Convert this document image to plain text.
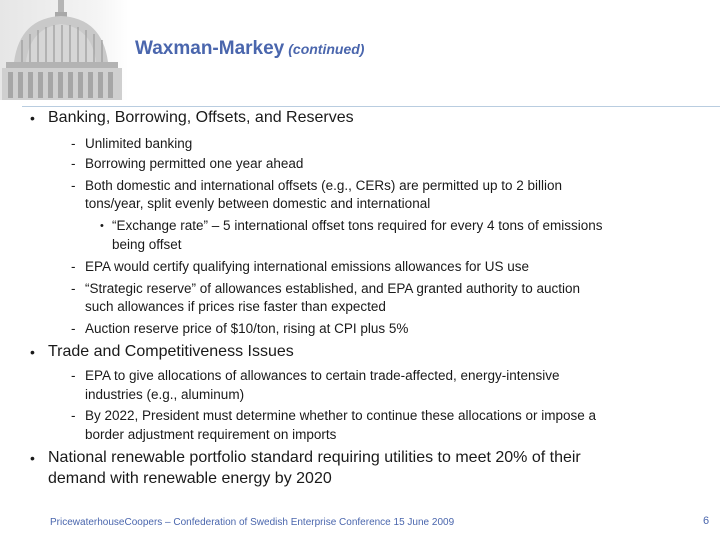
Waxman-Markey (continued)
• Banking, Borrowing, Offsets, and Reserves
- Unlimited banking
- Borrowing permitted one year ahead
- Both domestic and international offsets (e.g., CERs) are permitted up to 2 billion
tons/year, split evenly between domestic and international
• “Exchange rate” – 5 international offset tons required for every 4 tons of emissions
being offset
- EPA would certify qualifying international emissions allowances for US use
- “Strategic reserve” of allowances established, and EPA granted authority to auction
such allowances if prices rise faster than expected
- Auction reserve price of $10/ton, rising at CPI plus 5%
• Trade and Competitiveness Issues
- EPA to give allocations of allowances to certain trade-affected, energy-intensive
industries (e.g., aluminum)
- By 2022, President must determine whether to continue these allocations or impose a
border adjustment requirement on imports
• National renewable portfolio standard requiring utilities to meet 20% of their
demand with renewable energy by 2020
PricewaterhouseCoopers – Confederation of Swedish Enterprise Conference 15 June 2009	6
